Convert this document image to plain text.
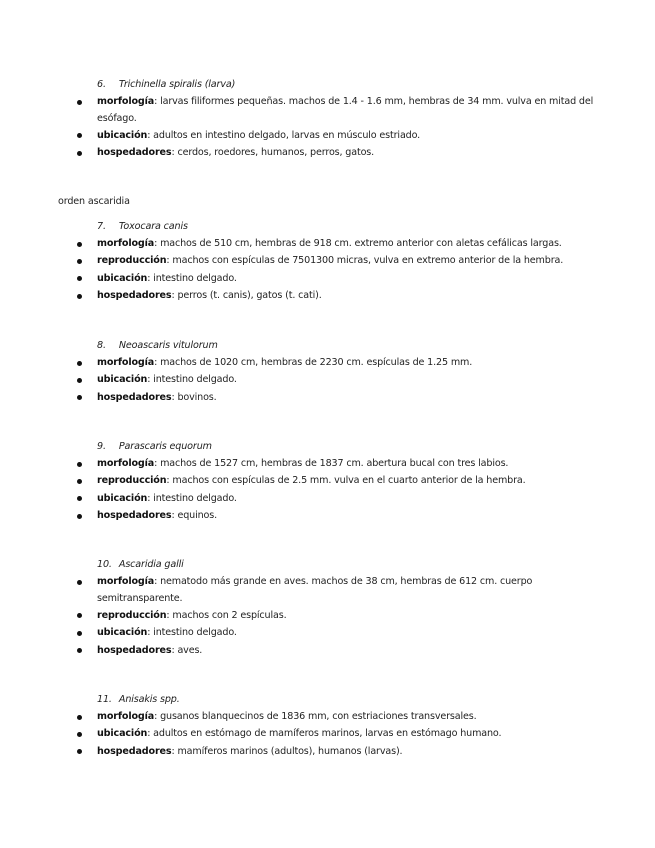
6. Trichinella spiralis (larva)
morfología: larvas filiformes pequeñas. machos de 1.4 - 1.6 mm, hembras de 34 mm. vulva en mitad del esófago.
ubicación: adultos en intestino delgado, larvas en músculo estriado.
hospedadores: cerdos, roedores, humanos, perros, gatos.
orden ascaridia
7. Toxocara canis
morfología: machos de 510 cm, hembras de 918 cm. extremo anterior con aletas cefálicas largas.
reproducción: machos con espículas de 7501300 micras, vulva en extremo anterior de la hembra.
ubicación: intestino delgado.
hospedadores: perros (t. canis), gatos (t. cati).
8. Neoascaris vitulorum
morfología: machos de 1020 cm, hembras de 2230 cm. espículas de 1.25 mm.
ubicación: intestino delgado.
hospedadores: bovinos.
9. Parascaris equorum
morfología: machos de 1527 cm, hembras de 1837 cm. abertura bucal con tres labios.
reproducción: machos con espículas de 2.5 mm. vulva en el cuarto anterior de la hembra.
ubicación: intestino delgado.
hospedadores: equinos.
10. Ascaridia galli
morfología: nematodo más grande en aves. machos de 38 cm, hembras de 612 cm. cuerpo semitransparente.
reproducción: machos con 2 espículas.
ubicación: intestino delgado.
hospedadores: aves.
11. Anisakis spp.
morfología: gusanos blanquecinos de 1836 mm, con estriaciones transversales.
ubicación: adultos en estómago de mamíferos marinos, larvas en estómago humano.
hospedadores: mamíferos marinos (adultos), humanos (larvas).
